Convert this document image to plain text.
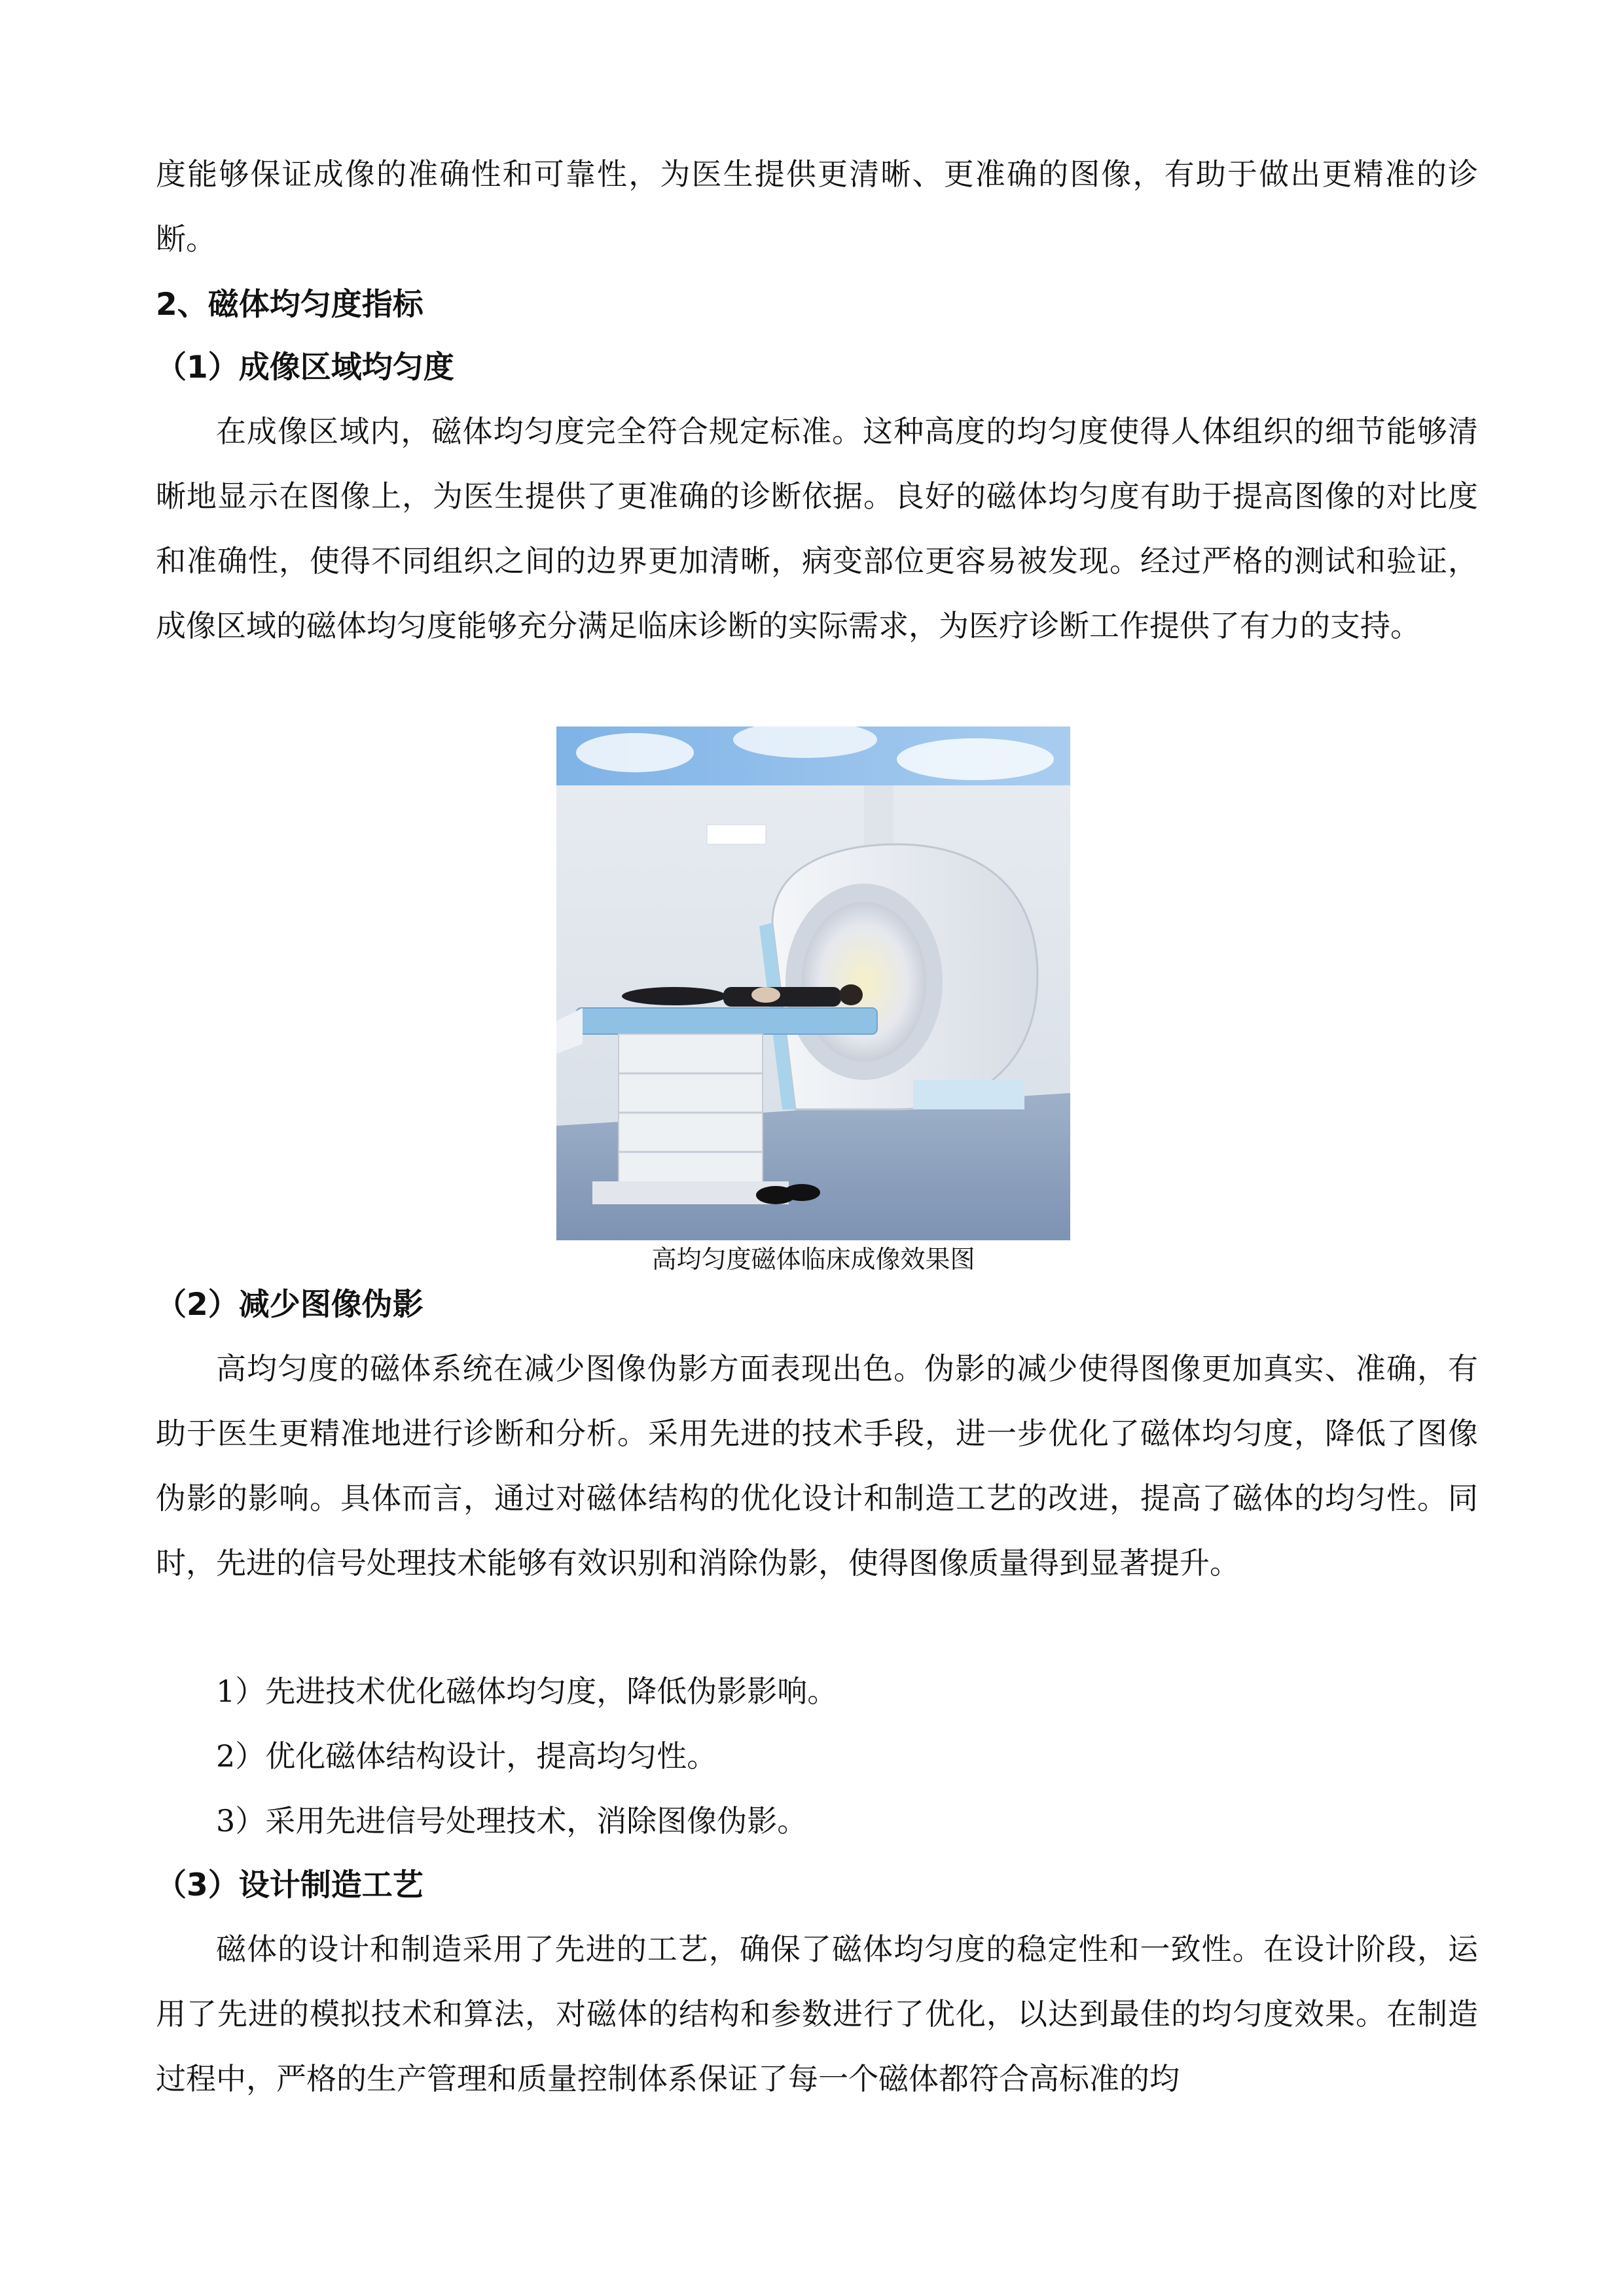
度能够保证成像的准确性和可靠性，为医生提供更清晰、更准确的图像，有助于做出更精准的诊断。

2、磁体均匀度指标

（1）成像区域均匀度

在成像区域内，磁体均匀度完全符合规定标准。这种高度的均匀度使得人体组织的细节能够清晰地显示在图像上，为医生提供了更准确的诊断依据。良好的磁体均匀度有助于提高图像的对比度和准确性，使得不同组织之间的边界更加清晰，病变部位更容易被发现。经过严格的测试和验证，成像区域的磁体均匀度能够充分满足临床诊断的实际需求，为医疗诊断工作提供了有力的支持。

高均匀度磁体临床成像效果图

（2）减少图像伪影

高均匀度的磁体系统在减少图像伪影方面表现出色。伪影的减少使得图像更加真实、准确，有助于医生更精准地进行诊断和分析。采用先进的技术手段，进一步优化了磁体均匀度，降低了图像伪影的影响。具体而言，通过对磁体结构的优化设计和制造工艺的改进，提高了磁体的均匀性。同时，先进的信号处理技术能够有效识别和消除伪影，使得图像质量得到显著提升。

1）先进技术优化磁体均匀度，降低伪影影响。

2）优化磁体结构设计，提高均匀性。

3）采用先进信号处理技术，消除图像伪影。

（3）设计制造工艺

磁体的设计和制造采用了先进的工艺，确保了磁体均匀度的稳定性和一致性。在设计阶段，运用了先进的模拟技术和算法，对磁体的结构和参数进行了优化，以达到最佳的均匀度效果。在制造过程中，严格的生产管理和质量控制体系保证了每一个磁体都符合高标准的均
